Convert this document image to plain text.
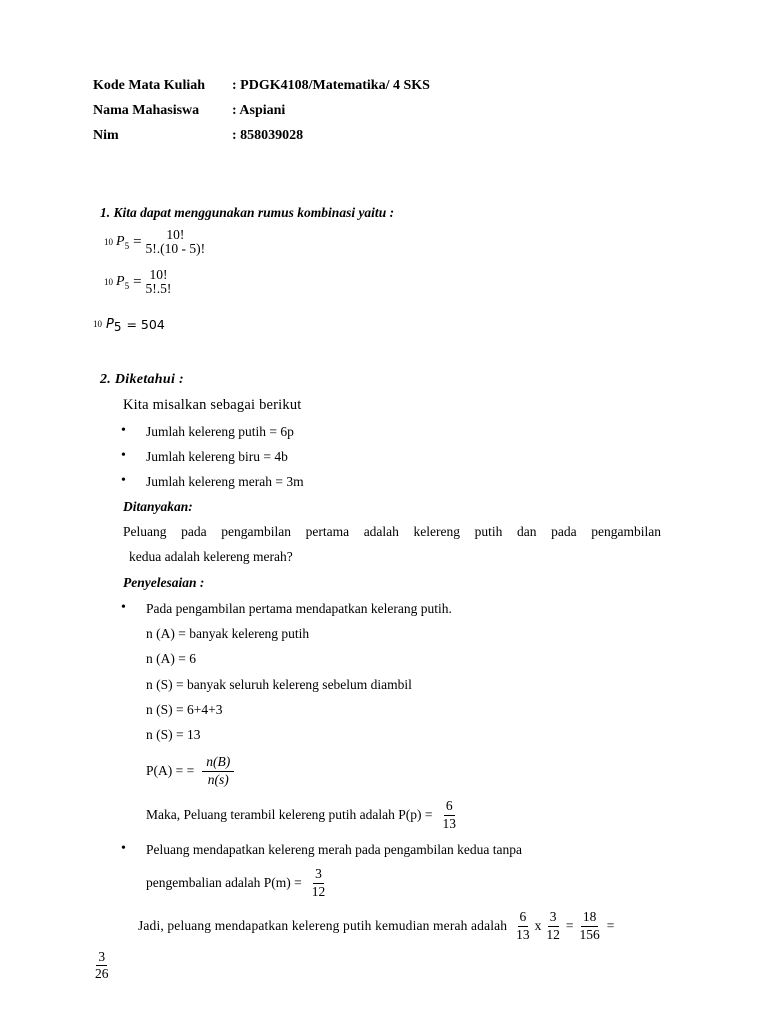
Kode Mata Kuliah : PDGK4108/Matematika/ 4 SKS
Nama Mahasiswa : Aspiani
Nim	: 858039028
1. Kita dapat menggunakan rumus kombinasi yaitu :
10 P 5 = 10!
5!.(10 - 5)!
10 P 5 = 10!
5!.5!
10 P 5 = 504
2. Diketahui :
Kita misalkan sebagai berikut
• Jumlah kelereng putih = 6p
• Jumlah kelereng biru = 4b
• Jumlah kelereng merah = 3m
Ditanyakan:
Peluang pada pengambilan pertama adalah kelereng putih dan pada pengambilan
kedua adalah kelereng merah?
Penyelesaian :
• Pada pengambilan pertama mendapatkan kelerang putih.
n (A) = banyak kelereng putih
n (A) = 6
n (S) = banyak seluruh kelereng sebelum diambil
n (S) = 6+4+3
n (S) = 13
P(A) = = $\frac{n(B)}{n(s)}$
Maka, Peluang terambil kelereng putih adalah $P(p) = \frac{6}{13}$
• Peluang mendapatkan kelereng merah pada pengambilan kedua tanpa
pengembalian adalah $P(m) = \frac{3}{12}$
Jadi, peluang mendapatkan kelereng putih kemudian merah adalah $\frac{6}{13}$ x $\frac{3}{12} = \frac{18}{156}$ =
$\frac{3}{26}$
